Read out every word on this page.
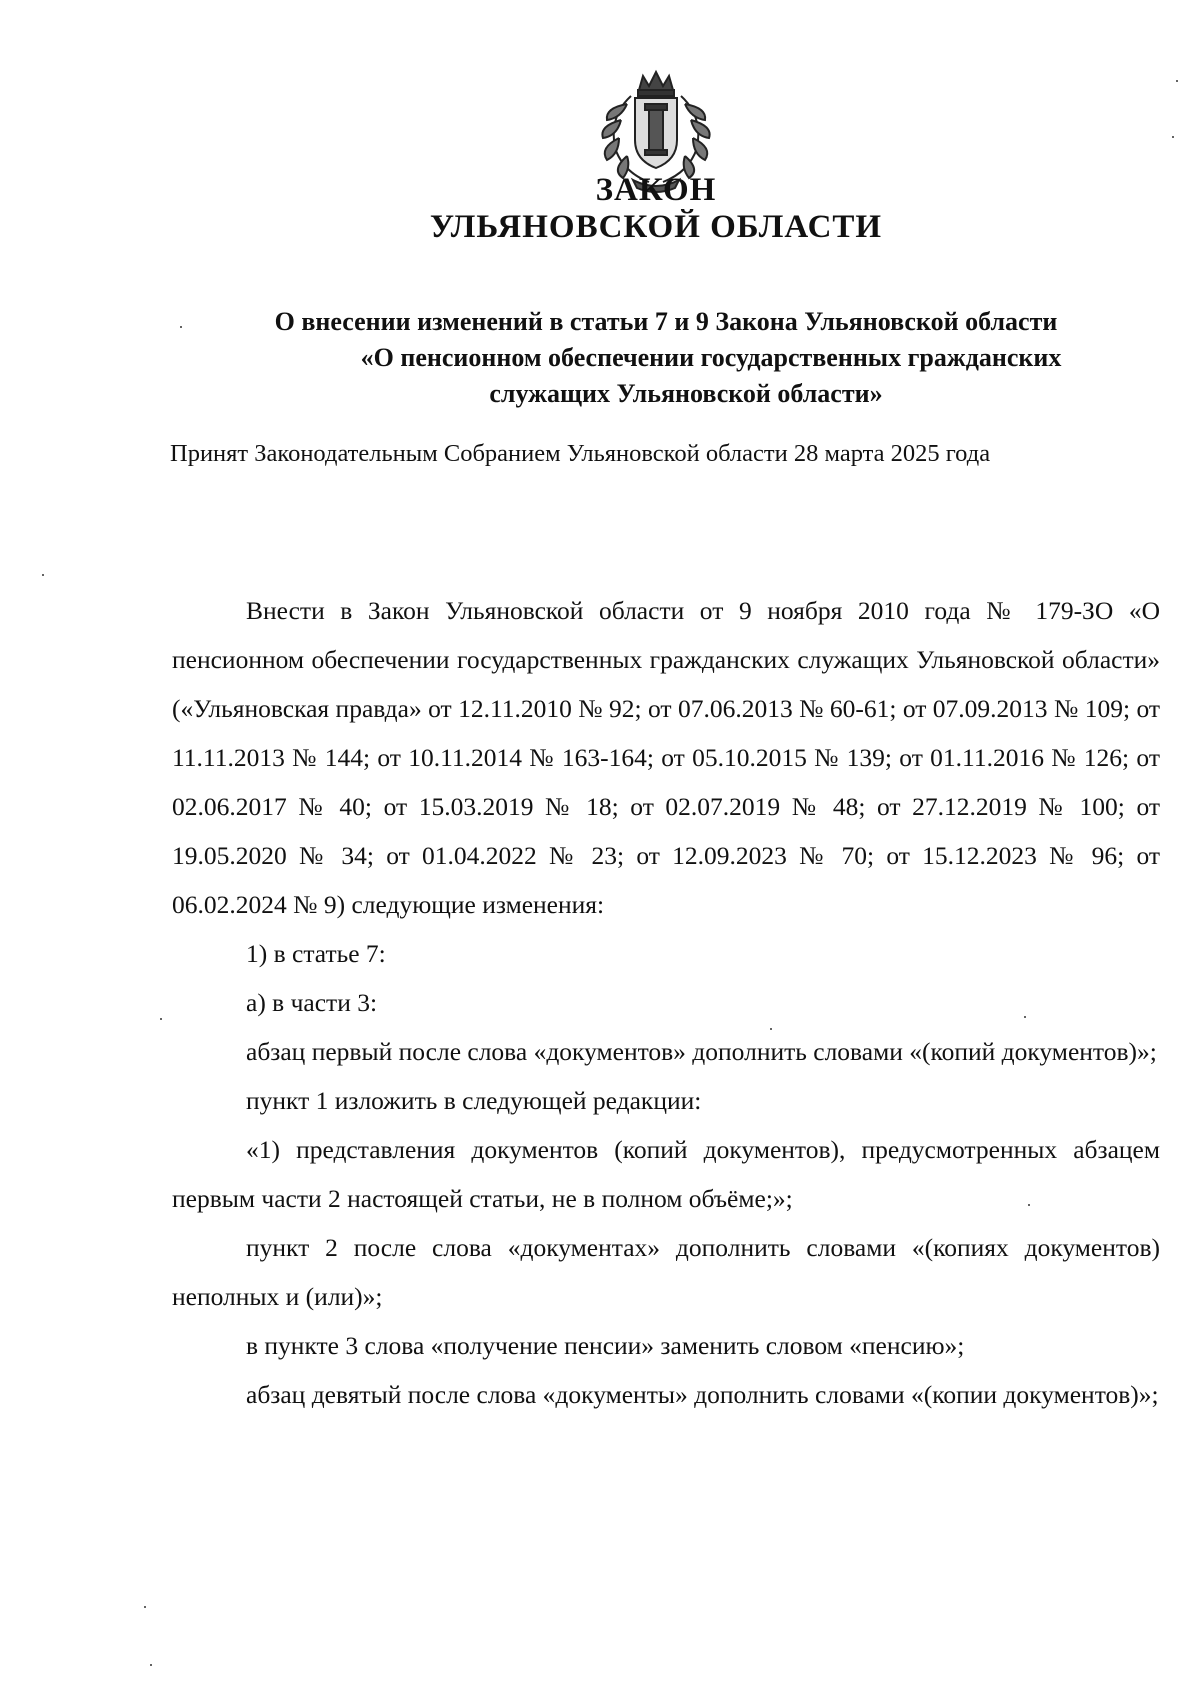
ЗАКОН
УЛЬЯНОВСКОЙ ОБЛАСТИ
О внесении изменений в статьи 7 и 9 Закона Ульяновской области
«О пенсионном обеспечении государственных гражданских
служащих Ульяновской области»
Принят Законодательным Собранием Ульяновской области 28 марта 2025 года

Внести в Закон Ульяновской области от 9 ноября 2010 года № 179-ЗО «О пенсионном обеспечении государственных гражданских служащих Ульяновской области» («Ульяновская правда» от 12.11.2010 № 92; от 07.06.2013 № 60-61; от 07.09.2013 № 109; от 11.11.2013 № 144; от 10.11.2014 № 163-164; от 05.10.2015 № 139; от 01.11.2016 № 126; от 02.06.2017 № 40; от 15.03.2019 № 18; от 02.07.2019 № 48; от 27.12.2019 № 100; от 19.05.2020 № 34; от 01.04.2022 № 23; от 12.09.2023 № 70; от 15.12.2023 № 96; от 06.02.2024 № 9) следующие изменения:

1) в статье 7:

а) в части 3:

абзац первый после слова «документов» дополнить словами «(копий документов)»;

пункт 1 изложить в следующей редакции:

«1) представления документов (копий документов), предусмотренных абзацем первым части 2 настоящей статьи, не в полном объёме;»;

пункт 2 после слова «документах» дополнить словами «(копиях документов) неполных и (или)»;

в пункте 3 слова «получение пенсии» заменить словом «пенсию»;

абзац девятый после слова «документы» дополнить словами «(копии документов)»;
